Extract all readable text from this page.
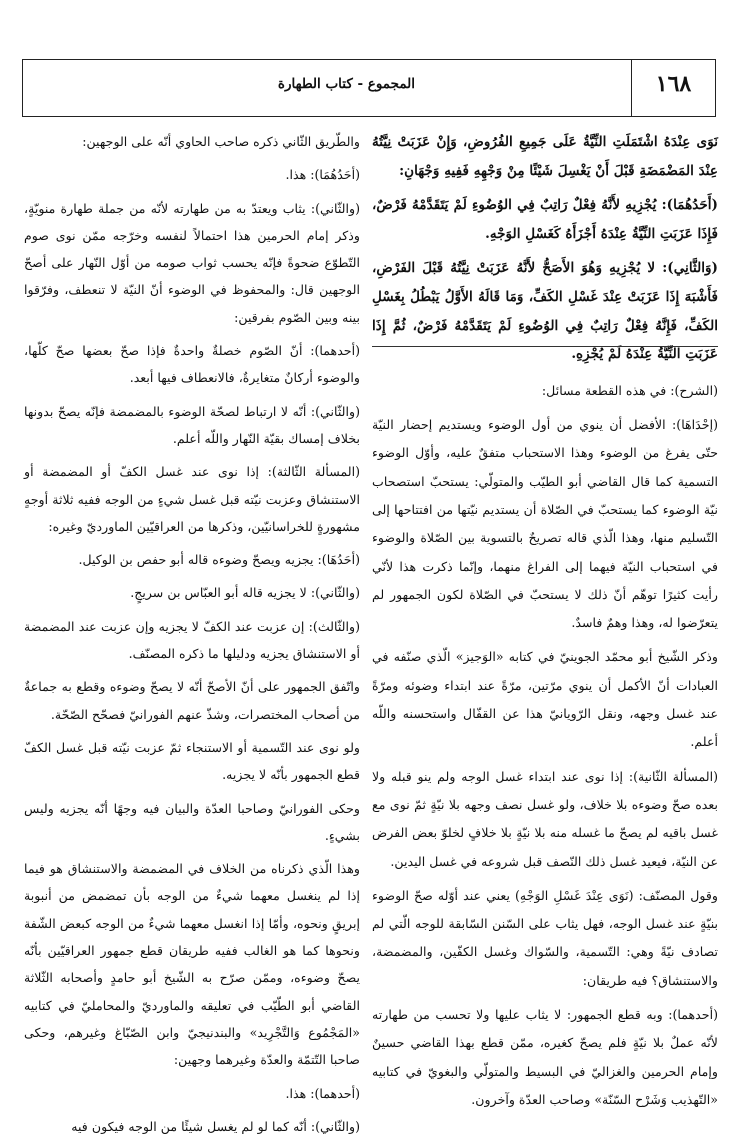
١٦٨
المجموع - كتاب الطهارة

نَوَى عِنْدَهُ اشْتَمَلَتِ النِّيَّةُ عَلَى جَمِيعِ الفُرُوضِ، وَإِنْ عَزَبَتْ نِيَّتُهُ عِنْدَ المَضْمَضَةِ قَبْلَ أَنْ يَغْسِلَ شَيْئًا مِنْ وَجْهِهِ فَفِيهِ وَجْهَانِ:

(أَحَدُهُمَا): يُجْزِيهِ لأَنَّهُ فِعْلٌ رَاتِبٌ فِي الوُضُوءِ لَمْ يَتَقَدَّمْهُ فَرْضٌ، فَإِذَا عَزَبَتِ النِّيَّةُ عِنْدَهُ أَجْزَأَهُ كَغَسْلِ الوَجْهِ.

(وَالثَّانِي): لا يُجْزِيهِ وَهُوَ الأَصَحُّ لأَنَّهُ عَزَبَتْ نِيَّتُهُ قَبْلَ الفَرْضِ، فَأَشْبَهَ إِذَا عَزَبَتْ عِنْدَ غَسْلِ الكَفِّ، وَمَا قَالَهُ الأَوَّلُ يَبْطُلُ بِغَسْلِ الكَفِّ، فَإِنَّهُ فِعْلٌ رَاتِبٌ فِي الوُضُوءِ لَمْ يَتَقَدَّمْهُ فَرْضٌ، ثُمَّ إِذَا عَزَبَتِ النِّيَّةُ عِنْدَهُ لَمْ يُجْزِهِ.

(الشرح): في هذه القطعة مسائل:

(إحْدَاهَا): الأفضل أن ينوي من أول الوضوء ويستديم إحضار النيّة حتّى يفرغ من الوضوء وهذا الاستحباب متفقٌ عليه، وأوّل الوضوء التسمية كما قال القاضي أبو الطيّب والمتولّي: يستحبّ استصحاب نيّة الوضوء كما يستحبّ في الصّلاة أن يستديم نيّتها من افتتاحها إلى التّسليم منها، وهذا الّذي قاله تصريحٌ بالتسوية بين الصّلاة والوضوء في استحباب النيّة فيهما إلى الفراغ منهما، وإنّما ذكرت هذا لأنّي رأيت كثيرًا توهّم أنّ ذلك لا يستحبّ في الصّلاة لكون الجمهور لم يتعرّضوا له، وهذا وهمٌ فاسدٌ.

وذكر الشّيخ أبو محمّد الجوينيّ في كتابه «الوَجيز» الّذي صنّفه في العبادات أنّ الأكمل أن ينوي مرّتين، مرّةً عند ابتداء وضوئه ومرّةً عند غسل وجهه، ونقل الرّويانيّ هذا عن القفّال واستحسنه واللّه أعلم.

(المسألة الثّانية): إذا نوى عند ابتداء غسل الوجه ولم ينو قبله ولا بعده صحّ وضوءه بلا خلاف، ولو غسل نصف وجهه بلا نيّةٍ ثمّ نوى مع غسل باقيه لم يصحّ ما غسله منه بلا نيّةٍ بلا خلافٍ لخلوّ بعض الفرض عن النيّة، فيعيد غسل ذلك النّصف قبل شروعه في غسل اليدين.

وقول المصنّف: (نَوَى عِنْدَ غَسْلِ الوَجْهِ) يعني عند أوّله صحّ الوضوء بنيّةٍ عند غسل الوجه، فهل يثاب على السّنن السّابقة للوجه الّتي لم تصادف نيّةً وهي: التّسمية، والسّواك وغسل الكفّين، والمضمضة، والاستنشاق؟ فيه طريقان:

(أحدهما): وبه قطع الجمهور: لا يثاب عليها ولا تحسب من طهارته لأنّه عملٌ بلا نيّةٍ فلم يصحّ كغيره، ممّن قطع بهذا القاضي حسينٌ وإمام الحرمين والغزاليّ في البسيط والمتولّي والبغويّ في كتابيه «التّهذيب وَشَرْح السّنّة» وصاحب العدّة وآخرون.

والطّريق الثّاني ذكره صاحب الحاوي أنّه على الوجهين:

(أحَدُهُمَا): هذا.

(والثّاني): يثاب ويعتدّ به من طهارته لأنّه من جملة طهارة منويّةٍ، وذكر إمام الحرمين هذا احتمالاً لنفسه وخرّجه ممّن نوى صوم التّطوّع ضحوةً فإنّه يحسب ثواب صومه من أوّل النّهار على أصحّ الوجهين قال: والمحفوظ في الوضوء أنّ النيّة لا تنعطف، وفرّقوا بينه وبين الصّوم بفرقين:

(أحدهما): أنّ الصّوم خصلةٌ واحدةٌ فإذا صحّ بعضها صحّ كلّها، والوضوء أركانٌ متغايرةٌ، فالانعطاف فيها أبعد.

(والثّاني): أنّه لا ارتباط لصحّة الوضوء بالمضمضة فإنّه يصحّ بدونها بخلاف إمساك بقيّة النّهار واللّه أعلم.

(المسألة الثّالثة): إذا نوى عند غسل الكفّ أو المضمضة أو الاستنشاق وعزبت نيّته قبل غسل شيءٍ من الوجه ففيه ثلاثة أوجهٍ مشهورةٍ للخراسانيّين، وذكرها من العراقيّين الماورديّ وغيره:

(أحَدُهَا): يجزيه ويصحّ وضوءه قاله أبو حفص بن الوكيل.

(والثّاني): لا يجزيه قاله أبو العبّاس بن سريجٍ.

(والثّالث): إن عزبت عند الكفّ لا يجزيه وإن عزبت عند المضمضة أو الاستنشاق يجزيه ودليلها ما ذكره المصنّف.

واتّفق الجمهور على أنّ الأصحّ أنّه لا يصحّ وضوءه وقطع به جماعةٌ من أصحاب المختصرات، وشذّ عنهم الفورانيّ فصحّح الصّحّة.

ولو نوى عند التّسمية أو الاستنجاء ثمّ عزبت نيّته قبل غسل الكفّ قطع الجمهور بأنّه لا يجزيه.

وحكى الفورانيّ وصاحبا العدّة والبيان فيه وجهًا أنّه يجزيه وليس بشيءٍ.

وهذا الّذي ذكرناه من الخلاف في المضمضة والاستنشاق هو فيما إذا لم ينغسل معهما شيءٌ من الوجه بأن تمضمض من أنبوبة إبريقٍ ونحوه، وأمّا إذا انغسل معهما شيءٌ من الوجه كبعض الشّفة ونحوها كما هو الغالب ففيه طريقان قطع جمهور العراقيّين بأنّه يصحّ وضوءه، وممّن صرّح به الشّيخ أبو حامدٍ وأصحابه الثّلاثة القاضي أبو الطّيّب في تعليقه والماورديّ والمحامليّ في كتابيه «المَجْمُوع وَالتَّجْرِيد» والبندنيجيّ وابن الصّبّاغ وغيرهم، وحكى صاحبا التّتمّة والعدّة وغيرهما وجهين:

(أحدهما): هذا.

(والثّاني): أنّه كما لو لم يغسل شيئًا من الوجه فيكون فيه
